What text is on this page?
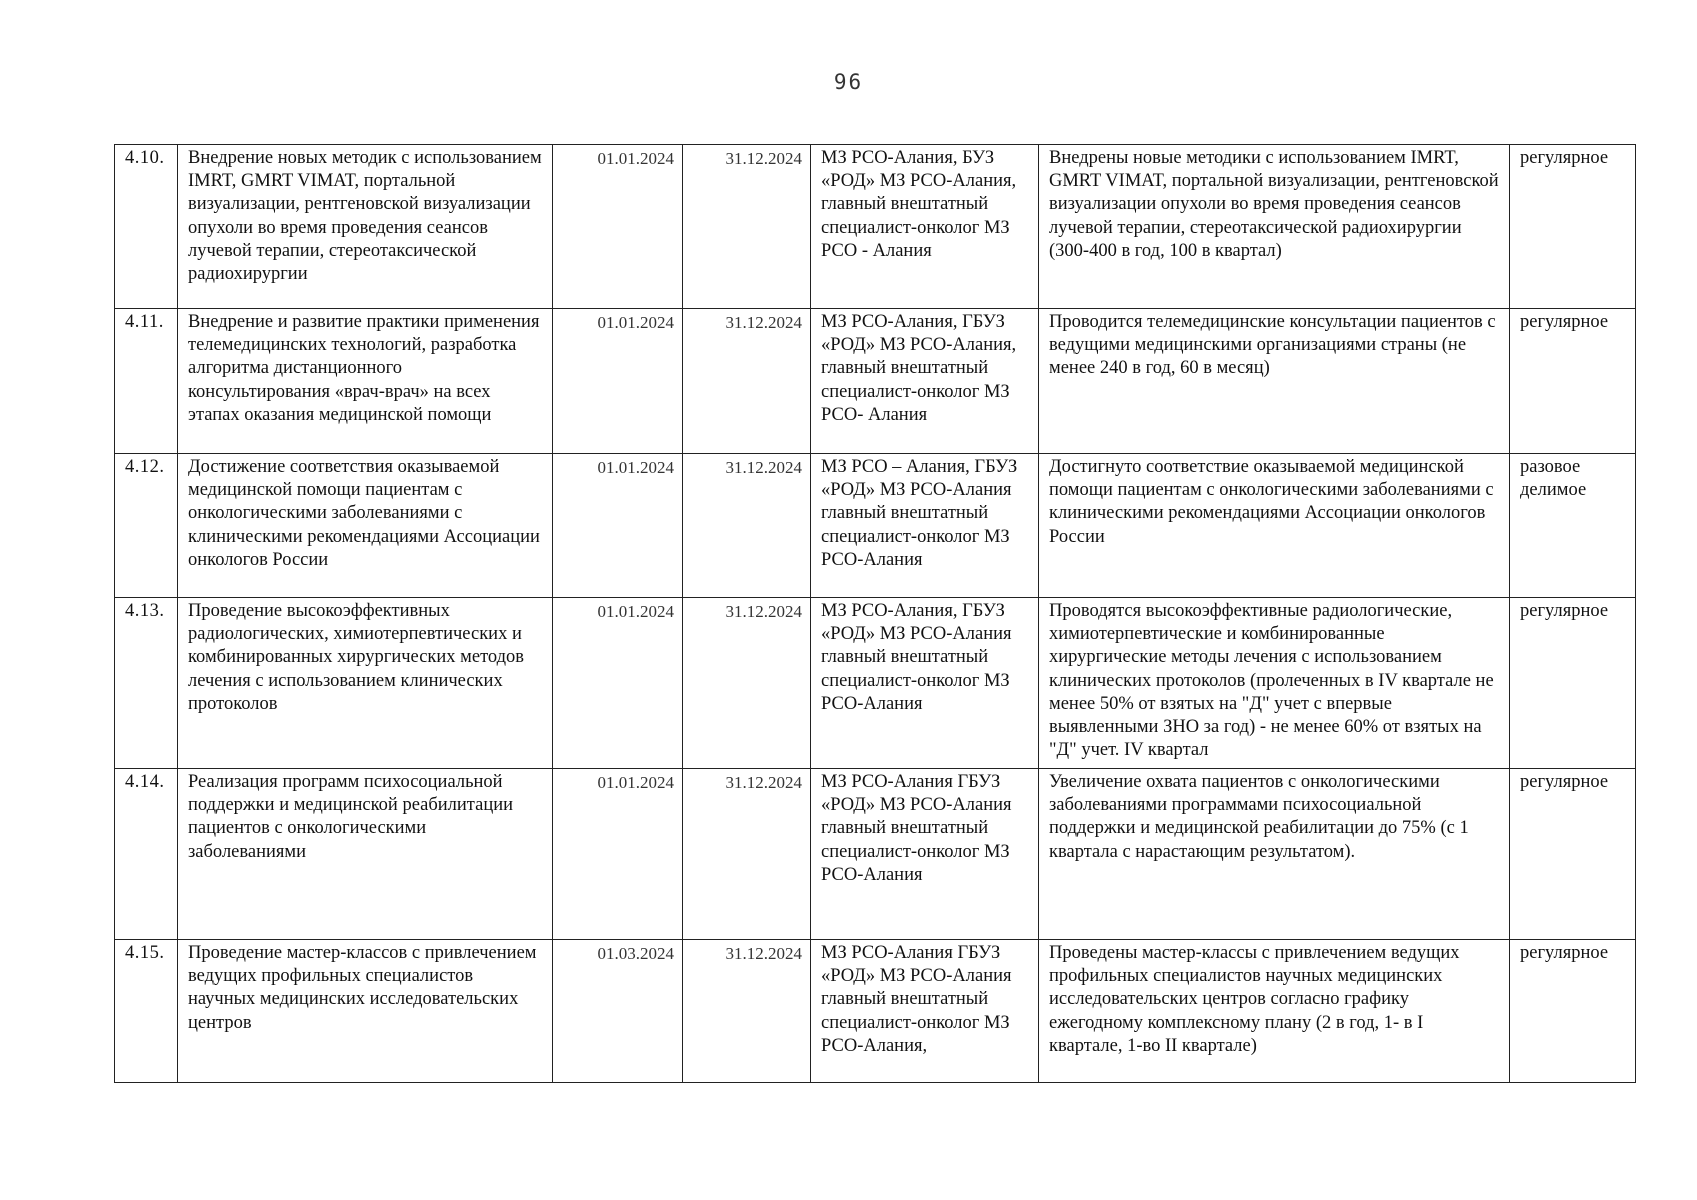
96
4.10.	Внедрение новых методик с использованием IMRT, GMRT VIMAT, портальной визуализации, рентгеновской визуализации опухоли во время проведения сеансов лучевой терапии, стереотаксической радиохирургии	01.01.2024	31.12.2024	МЗ РСО-Алания, БУЗ «РОД» МЗ РСО-Алания, главный внештатный специалист-онколог МЗ РСО - Алания	Внедрены новые методики с использованием IMRT, GMRT VIMAT, портальной визуализации, рентгеновской визуализации опухоли во время проведения сеансов лучевой терапии, стереотаксической радиохирургии (300-400 в год, 100 в квартал)	регулярное
4.11.	Внедрение и развитие практики применения телемедицинских технологий, разработка алгоритма дистанционного консультирования «врач-врач» на всех этапах оказания медицинской помощи	01.01.2024	31.12.2024	МЗ РСО-Алания, ГБУЗ «РОД» МЗ РСО-Алания, главный внештатный специалист-онколог МЗ РСО- Алания	Проводится телемедицинские консультации пациентов с ведущими медицинскими организациями страны (не менее 240 в год, 60 в месяц)	регулярное
4.12.	Достижение соответствия оказываемой медицинской помощи пациентам с онкологическими заболеваниями с клиническими рекомендациями Ассоциации онкологов России	01.01.2024	31.12.2024	МЗ РСО – Алания, ГБУЗ «РОД» МЗ РСО-Алания главный внештатный специалист-онколог МЗ РСО-Алания	Достигнуто соответствие оказываемой медицинской помощи пациентам с онкологическими заболеваниями с клиническими рекомендациями Ассоциации онкологов России	разовое делимое
4.13.	Проведение высокоэффективных радиологических, химиотерпевтических и комбинированных хирургических методов лечения с использованием клинических протоколов	01.01.2024	31.12.2024	МЗ РСО-Алания, ГБУЗ «РОД» МЗ РСО-Алания главный внештатный специалист-онколог МЗ РСО-Алания	Проводятся высокоэффективные радиологические, химиотерпевтические и комбинированные хирургические методы лечения с использованием клинических протоколов (пролеченных в IV квартале не менее 50% от взятых на "Д" учет с впервые выявленными ЗНО за год) - не менее 60% от взятых на "Д" учет. IV квартал	регулярное
4.14.	Реализация программ психосоциальной поддержки и медицинской реабилитации пациентов с онкологическими заболеваниями	01.01.2024	31.12.2024	МЗ РСО-Алания ГБУЗ «РОД» МЗ РСО-Алания главный внештатный специалист-онколог МЗ РСО-Алания	Увеличение охвата пациентов с онкологическими заболеваниями программами психосоциальной поддержки и медицинской реабилитации до 75% (с 1 квартала с нарастающим результатом).	регулярное
4.15.	Проведение мастер-классов с привлечением ведущих профильных специалистов научных медицинских исследовательских центров	01.03.2024	31.12.2024	МЗ РСО-Алания ГБУЗ «РОД» МЗ РСО-Алания главный внештатный специалист-онколог МЗ РСО-Алания,	Проведены мастер-классы с привлечением ведущих профильных специалистов научных медицинских исследовательских центров согласно графику ежегодному комплексному плану (2 в год, 1- в I квартале, 1-во II квартале)	регулярное
